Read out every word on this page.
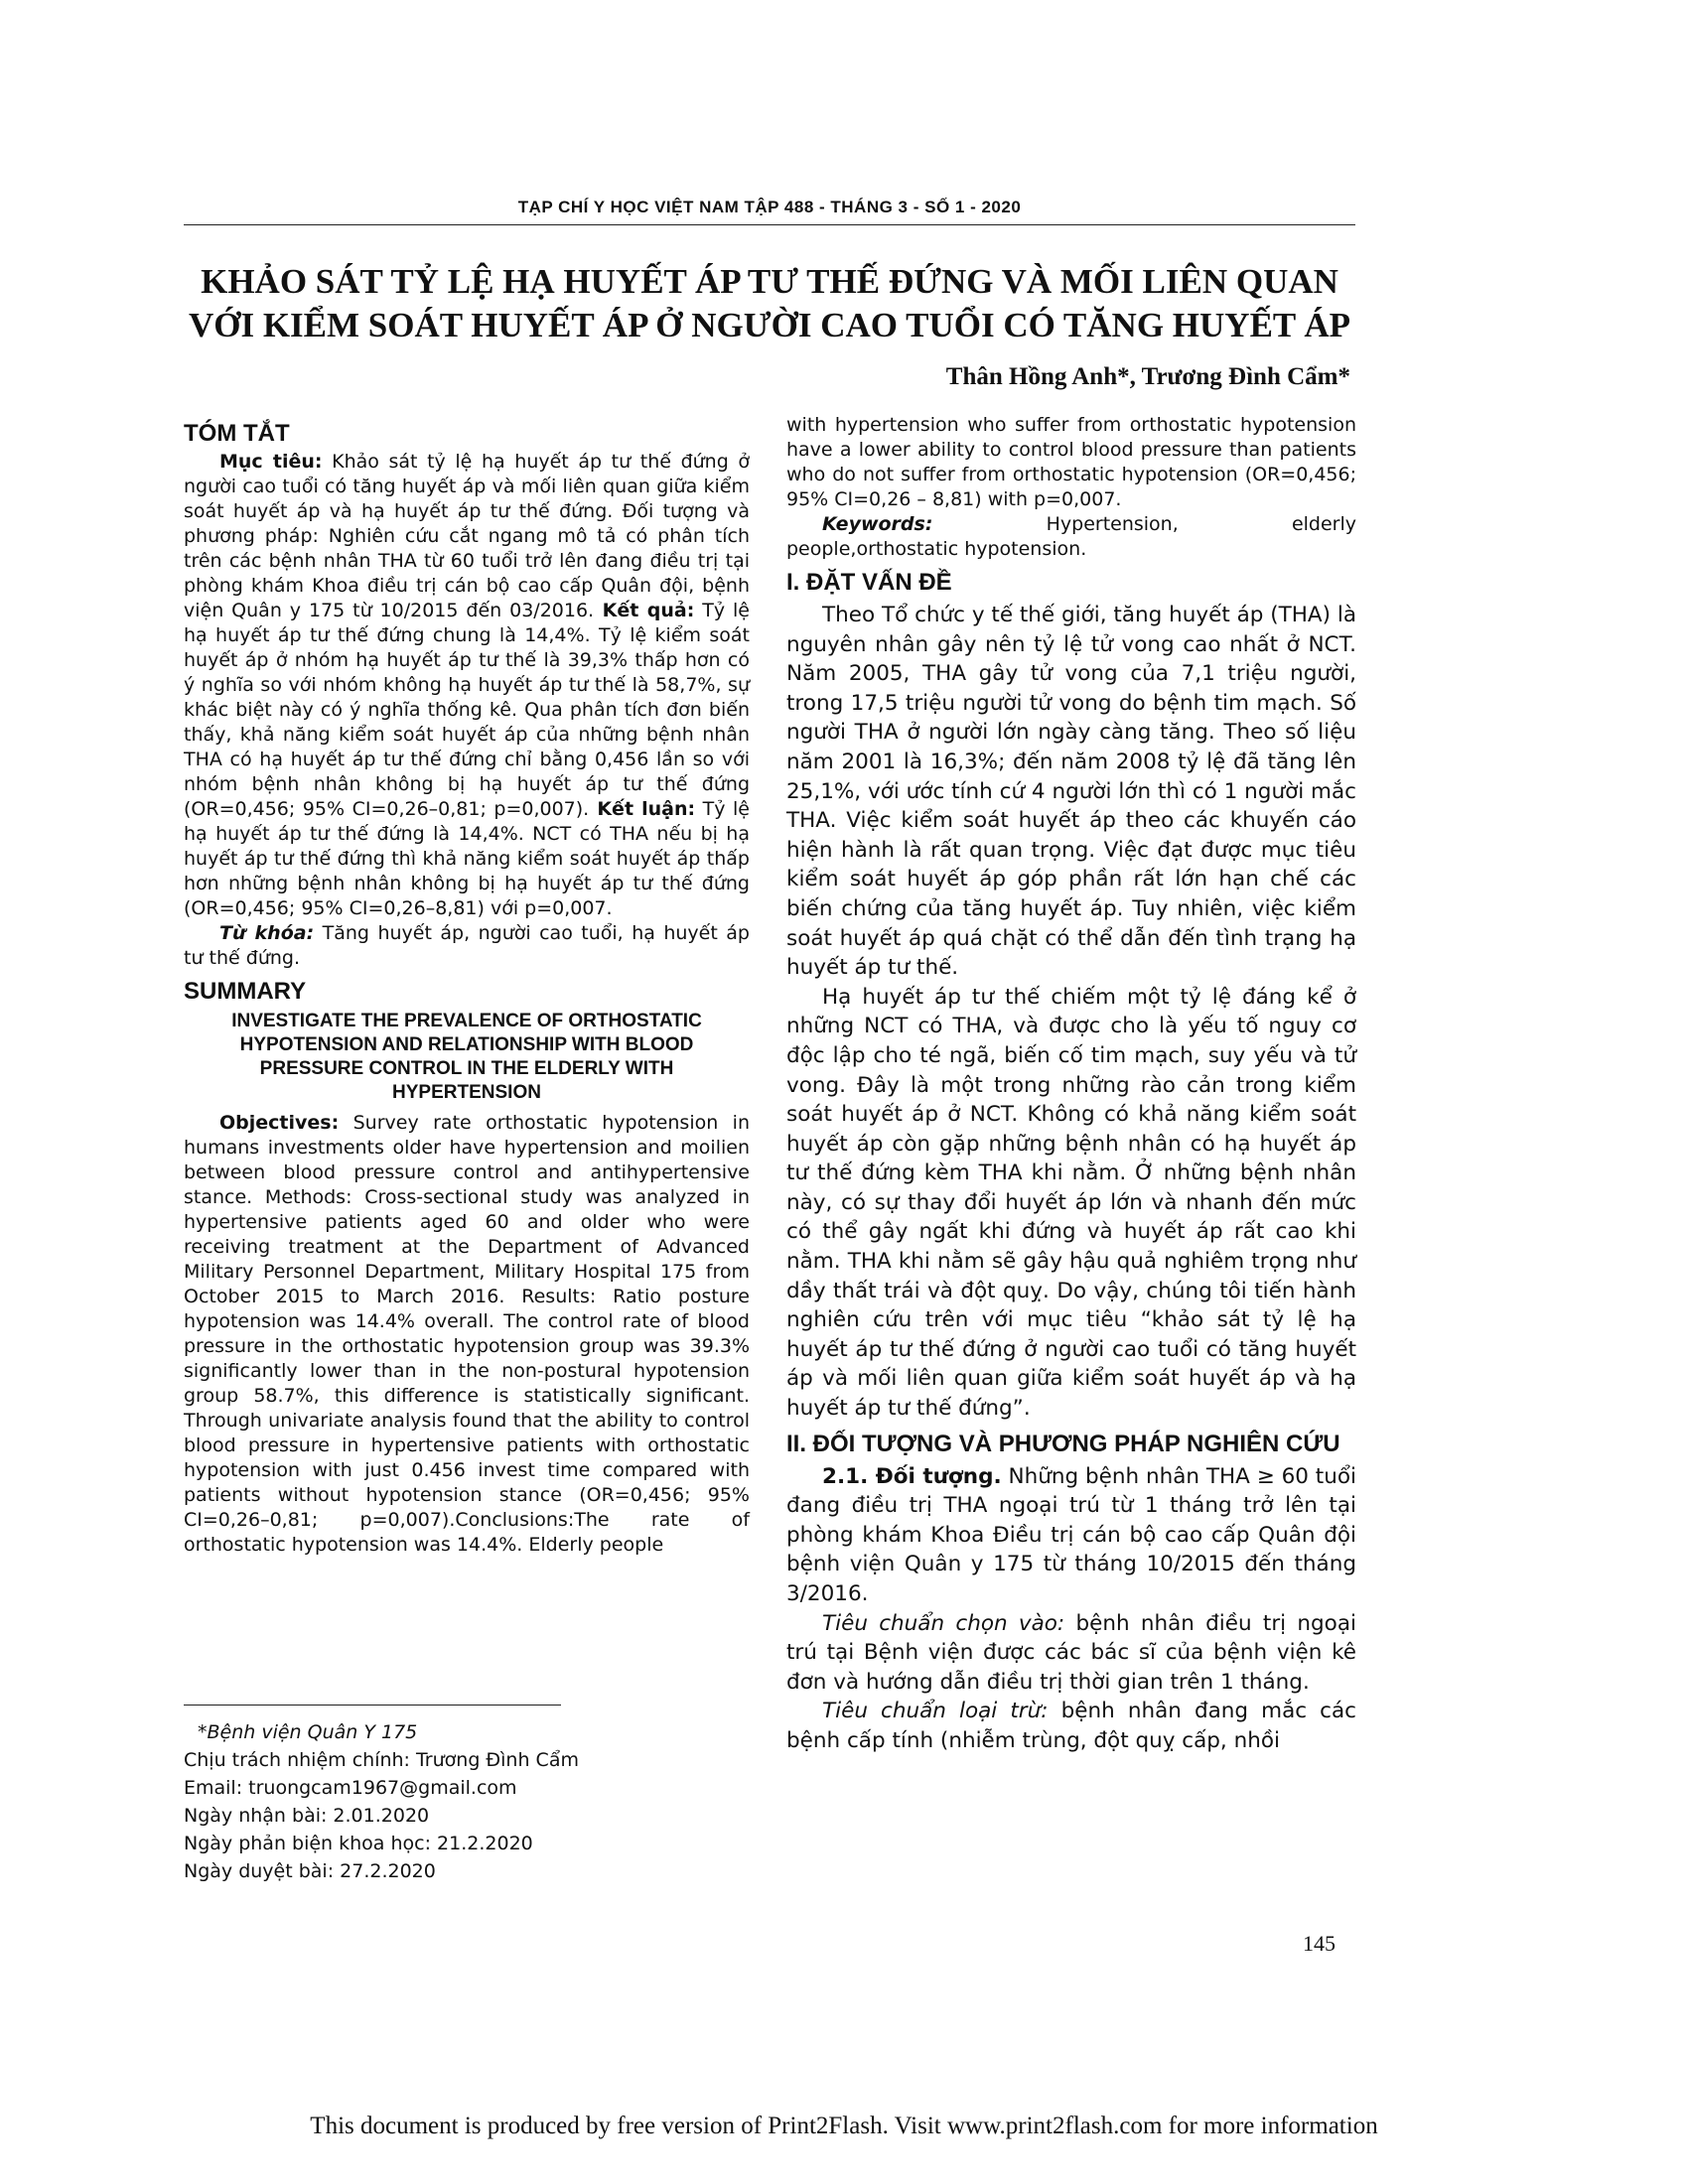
TẠP CHÍ Y HỌC VIỆT NAM TẬP 488 - THÁNG 3 - SỐ 1 - 2020
KHẢO SÁT TỶ LỆ HẠ HUYẾT ÁP TƯ THẾ ĐỨNG VÀ MỐI LIÊN QUAN
VỚI KIỂM SOÁT HUYẾT ÁP Ở NGƯỜI CAO TUỔI CÓ TĂNG HUYẾT ÁP
Thân Hồng Anh*, Trương Đình Cẩm*
TÓM TẮT

Mục tiêu: Khảo sát tỷ lệ hạ huyết áp tư thế đứng ở người cao tuổi có tăng huyết áp và mối liên quan giữa kiểm soát huyết áp và hạ huyết áp tư thế đứng. Đối tượng và phương pháp: Nghiên cứu cắt ngang mô tả có phân tích trên các bệnh nhân THA từ 60 tuổi trở lên đang điều trị tại phòng khám Khoa điều trị cán bộ cao cấp Quân đội, bệnh viện Quân y 175 từ 10/2015 đến 03/2016. Kết quả: Tỷ lệ hạ huyết áp tư thế đứng chung là 14,4%. Tỷ lệ kiểm soát huyết áp ở nhóm hạ huyết áp tư thế là 39,3% thấp hơn có ý nghĩa so với nhóm không hạ huyết áp tư thế là 58,7%, sự khác biệt này có ý nghĩa thống kê. Qua phân tích đơn biến thấy, khả năng kiểm soát huyết áp của những bệnh nhân THA có hạ huyết áp tư thế đứng chỉ bằng 0,456 lần so với nhóm bệnh nhân không bị hạ huyết áp tư thế đứng (OR=0,456; 95% CI=0,26–0,81; p=0,007). Kết luận: Tỷ lệ hạ huyết áp tư thế đứng là 14,4%. NCT có THA nếu bị hạ huyết áp tư thế đứng thì khả năng kiểm soát huyết áp thấp hơn những bệnh nhân không bị hạ huyết áp tư thế đứng (OR=0,456; 95% CI=0,26–8,81) với p=0,007.

Từ khóa: Tăng huyết áp, người cao tuổi, hạ huyết áp tư thế đứng.

SUMMARY
INVESTIGATE THE PREVALENCE OF ORTHOSTATIC HYPOTENSION AND RELATIONSHIP WITH BLOOD PRESSURE CONTROL IN THE ELDERLY WITH HYPERTENSION

Objectives: Survey rate orthostatic hypotension in humans investments older have hypertension and moilien between blood pressure control and antihypertensive stance. Methods: Cross-sectional study was analyzed in hypertensive patients aged 60 and older who were receiving treatment at the Department of Advanced Military Personnel Department, Military Hospital 175 from October 2015 to March 2016. Results: Ratio posture hypotension was 14.4% overall. The control rate of blood pressure in the orthostatic hypotension group was 39.3% significantly lower than in the non-postural hypotension group 58.7%, this difference is statistically significant. Through univariate analysis found that the ability to control blood pressure in hypertensive patients with orthostatic hypotension with just 0.456 invest time compared with patients without hypotension stance (OR=0,456; 95% CI=0,26–0,81; p=0,007).Conclusions:The rate of orthostatic hypotension was 14.4%. Elderly people

*Bệnh viện Quân Y 175
Chịu trách nhiệm chính: Trương Đình Cẩm
Email: truongcam1967@gmail.com
Ngày nhận bài: 2.01.2020
Ngày phản biện khoa học: 21.2.2020
Ngày duyệt bài: 27.2.2020

with hypertension who suffer from orthostatic hypotension have a lower ability to control blood pressure than patients who do not suffer from orthostatic hypotension (OR=0,456; 95% CI=0,26 – 8,81) with p=0,007.

Keywords:	Hypertension,	elderly

people,orthostatic hypotension.

I. ĐẶT VẤN ĐỀ

Theo Tổ chức y tế thế giới, tăng huyết áp (THA) là nguyên nhân gây nên tỷ lệ tử vong cao nhất ở NCT. Năm 2005, THA gây tử vong của 7,1 triệu người, trong 17,5 triệu người tử vong do bệnh tim mạch. Số người THA ở người lớn ngày càng tăng. Theo số liệu năm 2001 là 16,3%; đến năm 2008 tỷ lệ đã tăng lên 25,1%, với ước tính cứ 4 người lớn thì có 1 người mắc THA. Việc kiểm soát huyết áp theo các khuyến cáo hiện hành là rất quan trọng. Việc đạt được mục tiêu kiểm soát huyết áp góp phần rất lớn hạn chế các biến chứng của tăng huyết áp. Tuy nhiên, việc kiểm soát huyết áp quá chặt có thể dẫn đến tình trạng hạ huyết áp tư thế.

Hạ huyết áp tư thế chiếm một tỷ lệ đáng kể ở những NCT có THA, và được cho là yếu tố nguy cơ độc lập cho té ngã, biến cố tim mạch, suy yếu và tử vong. Đây là một trong những rào cản trong kiểm soát huyết áp ở NCT. Không có khả năng kiểm soát huyết áp còn gặp những bệnh nhân có hạ huyết áp tư thế đứng kèm THA khi nằm. Ở những bệnh nhân này, có sự thay đổi huyết áp lớn và nhanh đến mức có thể gây ngất khi đứng và huyết áp rất cao khi nằm. THA khi nằm sẽ gây hậu quả nghiêm trọng như dầy thất trái và đột quỵ. Do vậy, chúng tôi tiến hành nghiên cứu trên với mục tiêu “khảo sát tỷ lệ hạ huyết áp tư thế đứng ở người cao tuổi có tăng huyết áp và mối liên quan giữa kiểm soát huyết áp và hạ huyết áp tư thế đứng”.

II. ĐỐI TƯỢNG VÀ PHƯƠNG PHÁP NGHIÊN CỨU

2.1. Đối tượng. Những bệnh nhân THA ≥ 60 tuổi đang điều trị THA ngoại trú từ 1 tháng trở lên tại phòng khám Khoa Điều trị cán bộ cao cấp Quân đội bệnh viện Quân y 175 từ tháng 10/2015 đến tháng 3/2016.

Tiêu chuẩn chọn vào: bệnh nhân điều trị ngoại trú tại Bệnh viện được các bác sĩ của bệnh viện kê đơn và hướng dẫn điều trị thời gian trên 1 tháng.

Tiêu chuẩn loại trừ: bệnh nhân đang mắc các bệnh cấp tính (nhiễm trùng, đột quỵ cấp, nhồi

145
This document is produced by free version of Print2Flash. Visit www.print2flash.com for more information
